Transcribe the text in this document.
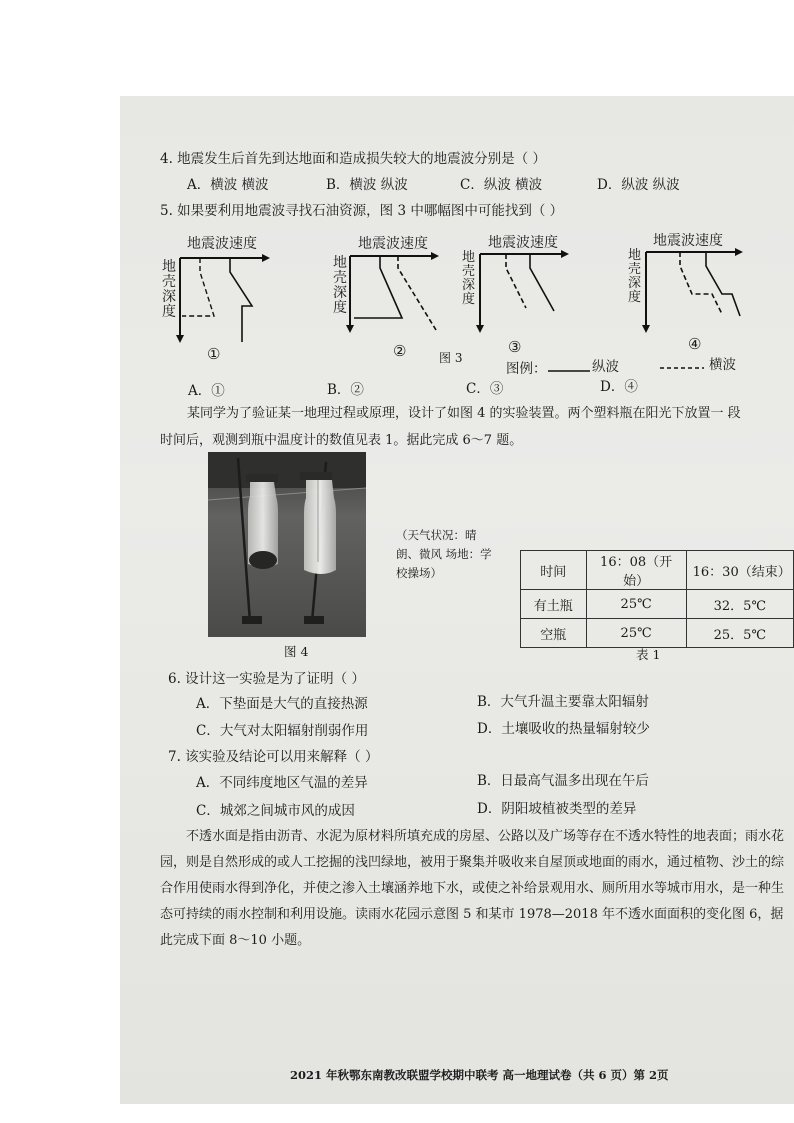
4. 地震发生后首先到达地面和造成损失较大的地震波分别是（ ）
A．横波 横波	B．横波 纵波	C．纵波 横波	D．纵波 纵波
5. 如果要利用地震波寻找石油资源，图 3 中哪幅图中可能找到（ ）
地震波速度
地壳深度
①
地震波速度
地壳深度
②
地震波速度
地壳深度
③
地震波速度
地壳深度
④
图 3
图例：	纵波	横波
A．①	B．②	C．③	D．④
某同学为了验证某一地理过程或原理，设计了如图 4 的实验装置。两个塑料瓶在阳光下放置一 段
时间后，观测到瓶中温度计的数值见表 1。据此完成 6～7 题。
图 4
（天气状况：晴朗、微风 场地：学校操场）	时间	16：08（开始）	16：30（结束）
有土瓶	25℃	32．5℃
空瓶	25℃	25．5℃
表 1
6. 设计这一实验是为了证明（ ）
A．下垫面是大气的直接热源	B．大气升温主要靠太阳辐射
C．大气对太阳辐射削弱作用	D．土壤吸收的热量辐射较少
7. 该实验及结论可以用来解释（ ）
A．不同纬度地区气温的差异	B．日最高气温多出现在午后
C．城郊之间城市风的成因	D．阴阳坡植被类型的差异
不透水面是指由沥青、水泥为原材料所填充成的房屋、公路以及广场等存在不透水特性的地表面；雨水花园，则是自然形成的或人工挖掘的浅凹绿地，被用于聚集并吸收来自屋顶或地面的雨水，通过植物、沙土的综合作用使雨水得到净化，并使之渗入土壤涵养地下水，或使之补给景观用水、厕所用水等城市用水，是一种生态可持续的雨水控制和利用设施。读雨水花园示意图 5 和某市 1978—2018 年不透水面面积的变化图 6，据此完成下面 8～10 小题。
2021 年秋鄂东南教改联盟学校期中联考 高一地理试卷（共 6 页）第 2页
